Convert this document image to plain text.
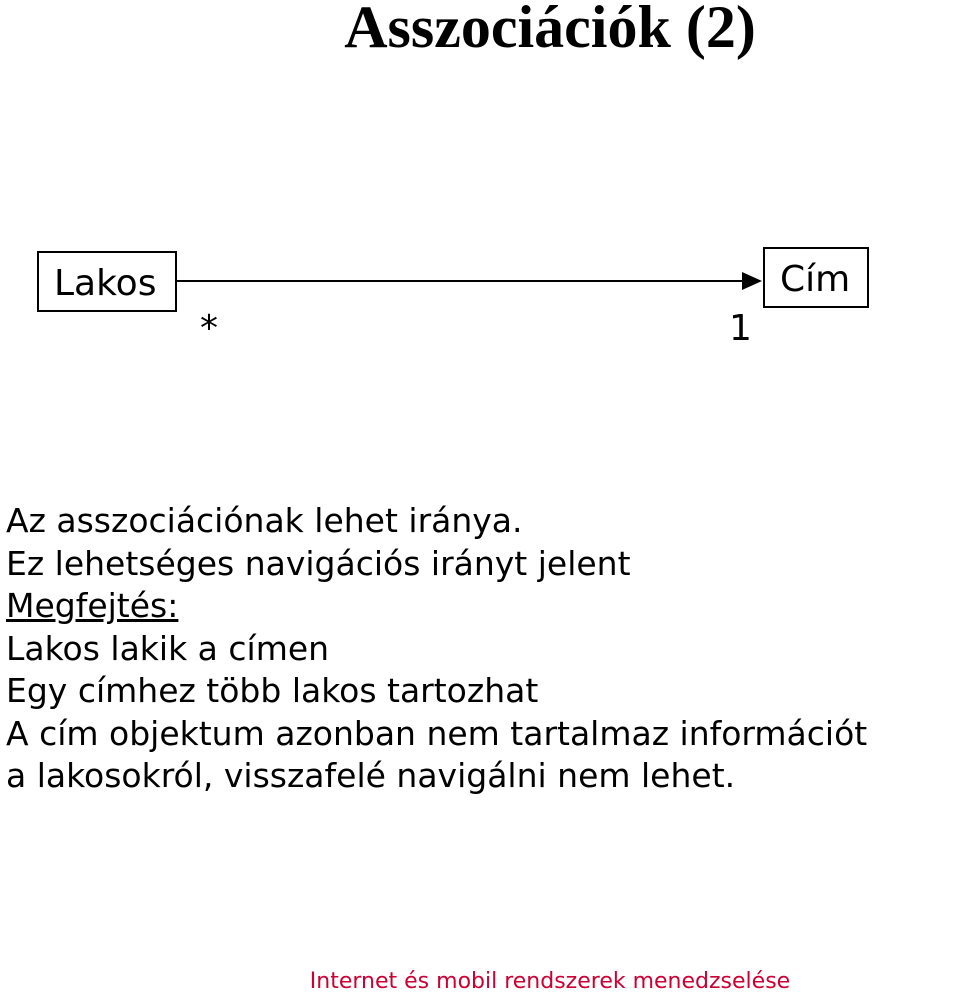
Asszociációk (2)
Lakos	Cím
*	1
Az asszociációnak lehet iránya.
Ez lehetséges navigációs irányt jelent
Megfejtés:
Lakos lakik a címen
Egy címhez több lakos tartozhat
A cím objektum azonban nem tartalmaz információt
a lakosokról, visszafelé navigálni nem lehet.
Internet és mobil rendszerek menedzselése
